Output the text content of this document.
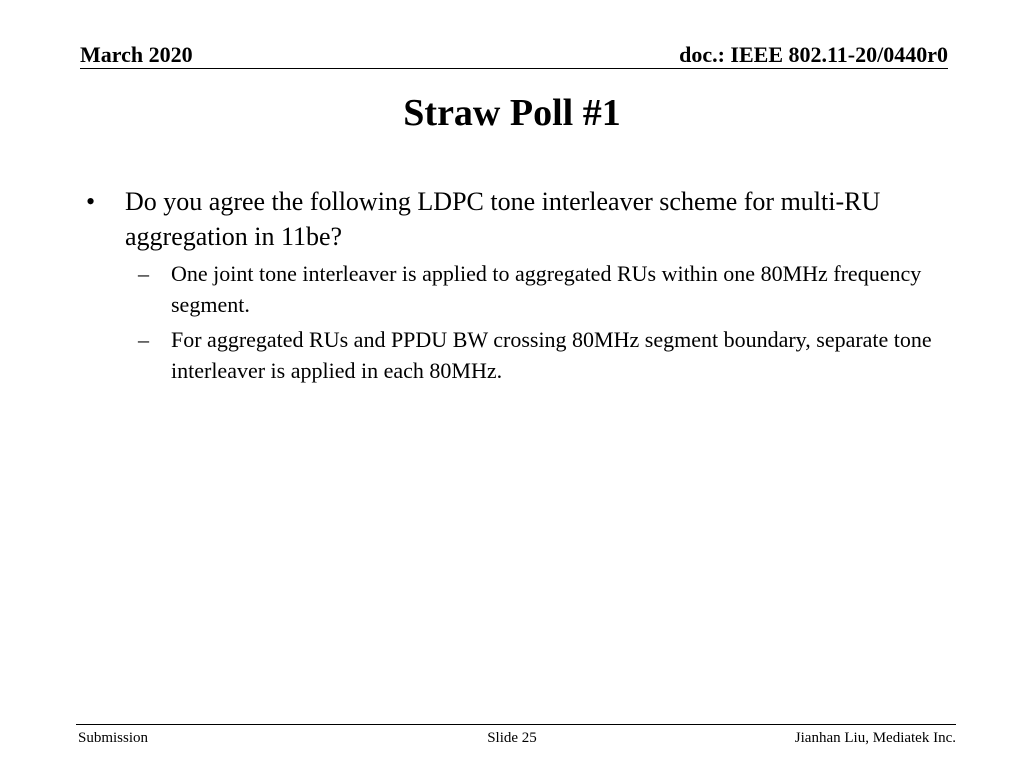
March 2020	doc.: IEEE 802.11-20/0440r0
Straw Poll #1
• Do you agree the following LDPC tone interleaver scheme for multi-RU aggregation in 11be?
– One joint tone interleaver is applied to aggregated RUs within one 80MHz frequency segment.
– For aggregated RUs and PPDU BW crossing 80MHz segment boundary, separate tone interleaver is applied in each 80MHz.
Submission	Slide 25	Jianhan Liu, Mediatek Inc.
